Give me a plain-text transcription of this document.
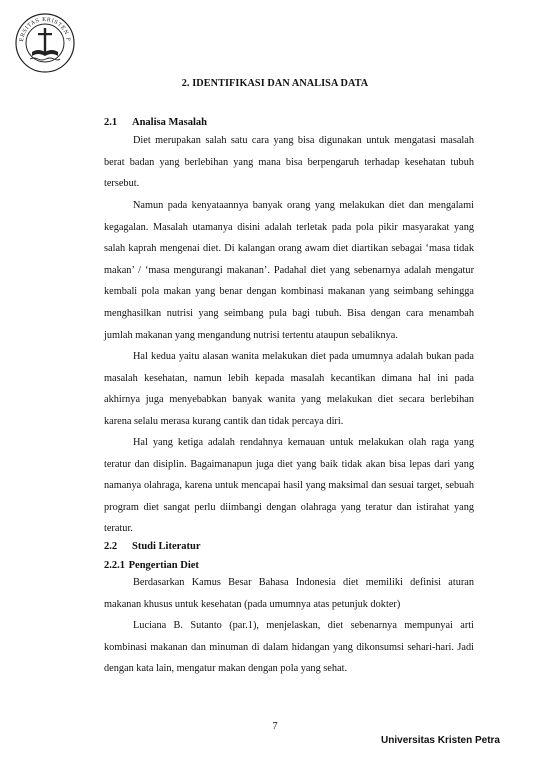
ERSITAS KRISTEN P
2. IDENTIFIKASI DAN ANALISA DATA
2.1 Analisa Masalah

Diet merupakan salah satu cara yang bisa digunakan untuk mengatasi masalah berat badan yang berlebihan yang mana bisa berpengaruh terhadap kesehatan tubuh tersebut.

Namun pada kenyataannya banyak orang yang melakukan diet dan mengalami kegagalan. Masalah utamanya disini adalah terletak pada pola pikir masyarakat yang salah kaprah mengenai diet. Di kalangan orang awam diet diartikan sebagai ‘masa tidak makan’ / ‘masa mengurangi makanan’. Padahal diet yang sebenarnya adalah mengatur kembali pola makan yang benar dengan kombinasi makanan yang seimbang sehingga menghasilkan nutrisi yang seimbang pula bagi tubuh. Bisa dengan cara menambah jumlah makanan yang mengandung nutrisi tertentu ataupun sebaliknya.

Hal kedua yaitu alasan wanita melakukan diet pada umumnya adalah bukan pada masalah kesehatan, namun lebih kepada masalah kecantikan dimana hal ini pada akhirnya juga menyebabkan banyak wanita yang melakukan diet secara berlebihan karena selalu merasa kurang cantik dan tidak percaya diri.

Hal yang ketiga adalah rendahnya kemauan untuk melakukan olah raga yang teratur dan disiplin. Bagaimanapun juga diet yang baik tidak akan bisa lepas dari yang namanya olahraga, karena untuk mencapai hasil yang maksimal dan sesuai target, sebuah program diet sangat perlu diimbangi dengan olahraga yang teratur dan istirahat yang teratur.

2.2 Studi Literatur
2.2.1 Pengertian Diet

Berdasarkan Kamus Besar Bahasa Indonesia diet memiliki definisi aturan makanan khusus untuk kesehatan (pada umumnya atas petunjuk dokter)

Luciana B. Sutanto (par.1), menjelaskan, diet sebenarnya mempunyai arti kombinasi makanan dan minuman di dalam hidangan yang dikonsumsi sehari-hari. Jadi dengan kata lain, mengatur makan dengan pola yang sehat.

7
Universitas Kristen Petra
